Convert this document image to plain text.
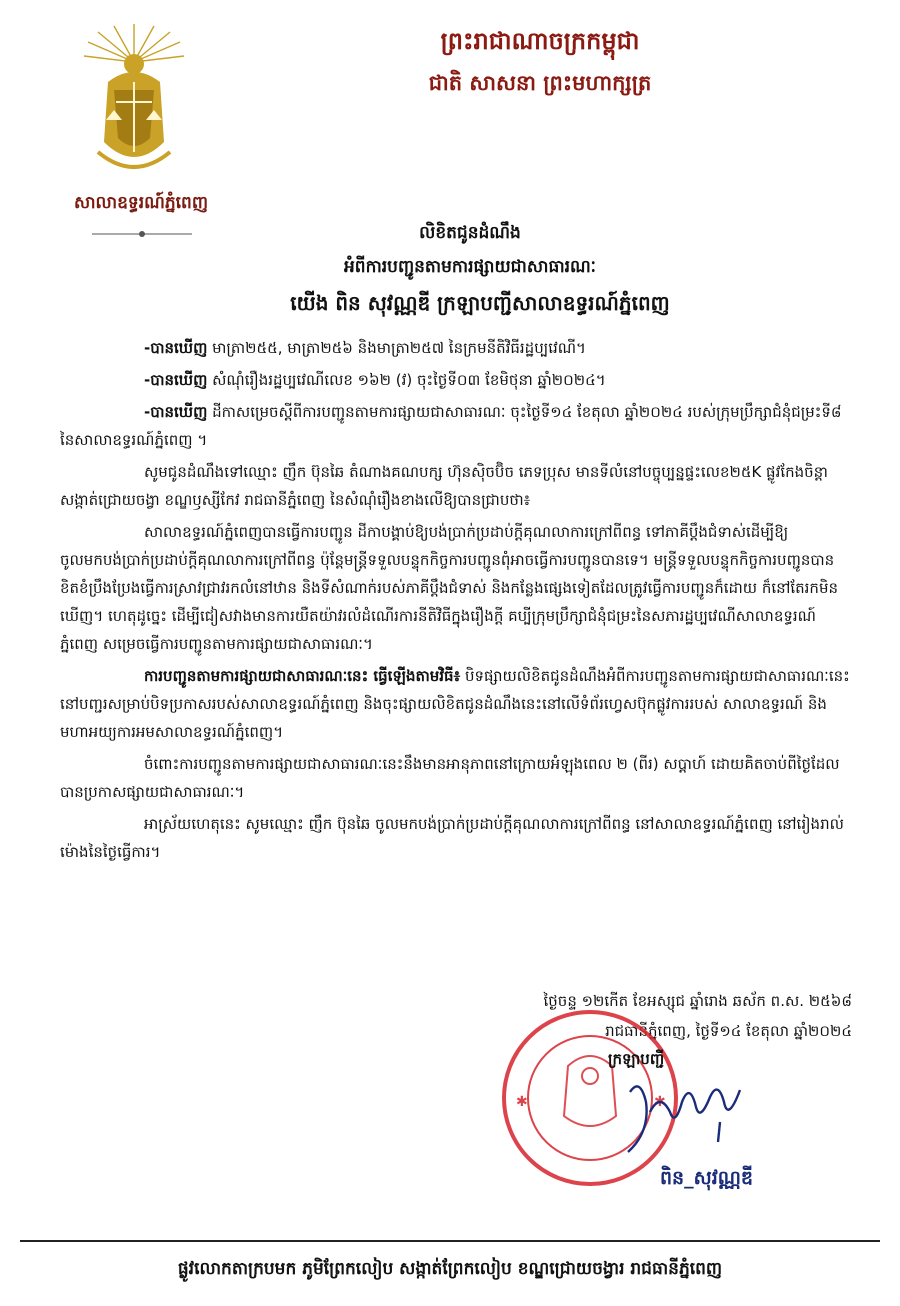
សាលាឧទ្ធរណ៍ភ្នំពេញ
ព្រះរាជាណាចក្រកម្ពុជា
ជាតិ សាសនា ព្រះមហាក្សត្រ
លិខិតជូនដំណឹង
អំពីការបញ្ជូនតាមការផ្សាយជាសាធារណៈ
យើង ពិន សុវណ្ណឌី ក្រឡាបញ្ជីសាលាឧទ្ធរណ៍ភ្នំពេញ

-បានឃើញ មាត្រា២៥៥, មាត្រា២៥៦ និងមាត្រា២៥៧ នៃក្រមនីតិវិធីរដ្ឋប្បវេណី។

-បានឃើញ សំណុំរឿងរដ្ឋប្បវេណីលេខ ១៦២ (វ) ចុះថ្ងៃទី០៣ ខែមិថុនា ឆ្នាំ២០២៤។

-បានឃើញ ដីកាសម្រេចស្តីពីការបញ្ជូនតាមការផ្សាយជាសាធារណៈ ចុះថ្ងៃទី១៤ ខែតុលា ឆ្នាំ២០២៤ របស់ក្រុមប្រឹក្សាជំនុំជម្រះទី៨ នៃសាលាឧទ្ធរណ៍ភ្នំពេញ ។

សូមជូនដំណឹងទៅឈ្មោះ ញឹក ប៊ុនឆៃ តំណាងគណបក្ស ហ៊ុនស៊ិចប៊ិច ភេទប្រុស មានទីលំនៅបច្ចុប្បន្នផ្ទះលេខ២៥K ផ្លូវកែងចិន្តា សង្កាត់ជ្រោយចង្វា ខណ្ឌឫស្សីកែវ រាជធានីភ្នំពេញ នៃសំណុំរឿងខាងលើឱ្យបានជ្រាបថា៖

សាលាឧទ្ធរណ៍ភ្នំពេញបានធ្វើការបញ្ជូន ដីកាបង្គាប់ឱ្យបង់ប្រាក់ប្រដាប់ក្តីគុណលាការក្រៅពីពន្ធ ទៅភាគីប្តឹងជំទាស់ដើម្បីឱ្យចូលមកបង់ប្រាក់ប្រដាប់ក្តីគុណលាការក្រៅពីពន្ធ ប៉ុន្តែមន្ត្រីទទួលបន្ទុកកិច្ចការបញ្ជូនពុំអាចធ្វើការបញ្ជូនបានទេ។ មន្ត្រីទទួលបន្ទុកកិច្ចការបញ្ជូនបានខិតខំប្រឹងប្រែងធ្វើការស្រាវជ្រាវរកលំនៅឋាន និងទីសំណាក់របស់ភាគីប្តឹងជំទាស់ និងកន្លែងផ្សេងទៀតដែលត្រូវធ្វើការបញ្ជូនក៏ដោយ ក៏នៅតែរកមិនឃើញ។ ហេតុដូច្នេះ ដើម្បីជៀសវាងមានការយឺតយ៉ាវរលំដំណើរការនីតិវិធីក្នុងរឿងក្តី គប្បីក្រុមប្រឹក្សាជំនុំជម្រះនៃសភារដ្ឋប្បវេណីសាលាឧទ្ធរណ៍ភ្នំពេញ សម្រេចធ្វើការបញ្ជូនតាមការផ្សាយជាសាធារណៈ។

ការបញ្ជូនតាមការផ្សាយជាសាធារណៈនេះ ធ្វើឡើងតាមវិធី៖ បិទផ្សាយលិខិតជូនដំណឹងអំពីការបញ្ជូនតាមការផ្សាយជាសាធារណៈនេះនៅបញ្ជរសម្រាប់បិទប្រកាសរបស់សាលាឧទ្ធរណ៍ភ្នំពេញ និងចុះផ្សាយលិខិតជូនដំណឹងនេះនៅលើទំព័រហ្វេសប៊ុកផ្លូវការរបស់ សាលាឧទ្ធរណ៍ និងមហាអយ្យការអមសាលាឧទ្ធរណ៍ភ្នំពេញ។

ចំពោះការបញ្ជូនតាមការផ្សាយជាសាធារណៈនេះនឹងមានអានុភាពនៅក្រោយអំឡុងពេល ២ (ពីរ) សប្តាហ៍ ដោយគិតចាប់ពីថ្ងៃដែលបានប្រកាសផ្សាយជាសាធារណៈ។

អាស្រ័យហេតុនេះ សូមឈ្មោះ ញឹក ប៊ុនឆៃ ចូលមកបង់ប្រាក់ប្រដាប់ក្តីគុណលាការក្រៅពីពន្ធ នៅសាលាឧទ្ធរណ៍ភ្នំពេញ នៅរៀងរាល់ម៉ោងនៃថ្ងៃធ្វើការ។

ថ្ងៃចន្ទ ១២កើត ខែអស្សុជ ឆ្នាំរោង ឆស័ក ព.ស. ២៥៦៨
រាជធានីភ្នំពេញ, ថ្ងៃទី១៤ ខែតុលា ឆ្នាំ២០២៤
✱	✱
ក្រឡាបញ្ជី
ពិន_សុវណ្ណឌី
ផ្លូវលោកតាក្របមក ភូមិព្រែកលៀប សង្កាត់ព្រែកលៀប ខណ្ឌជ្រោយចង្វារ រាជធានីភ្នំពេញ
